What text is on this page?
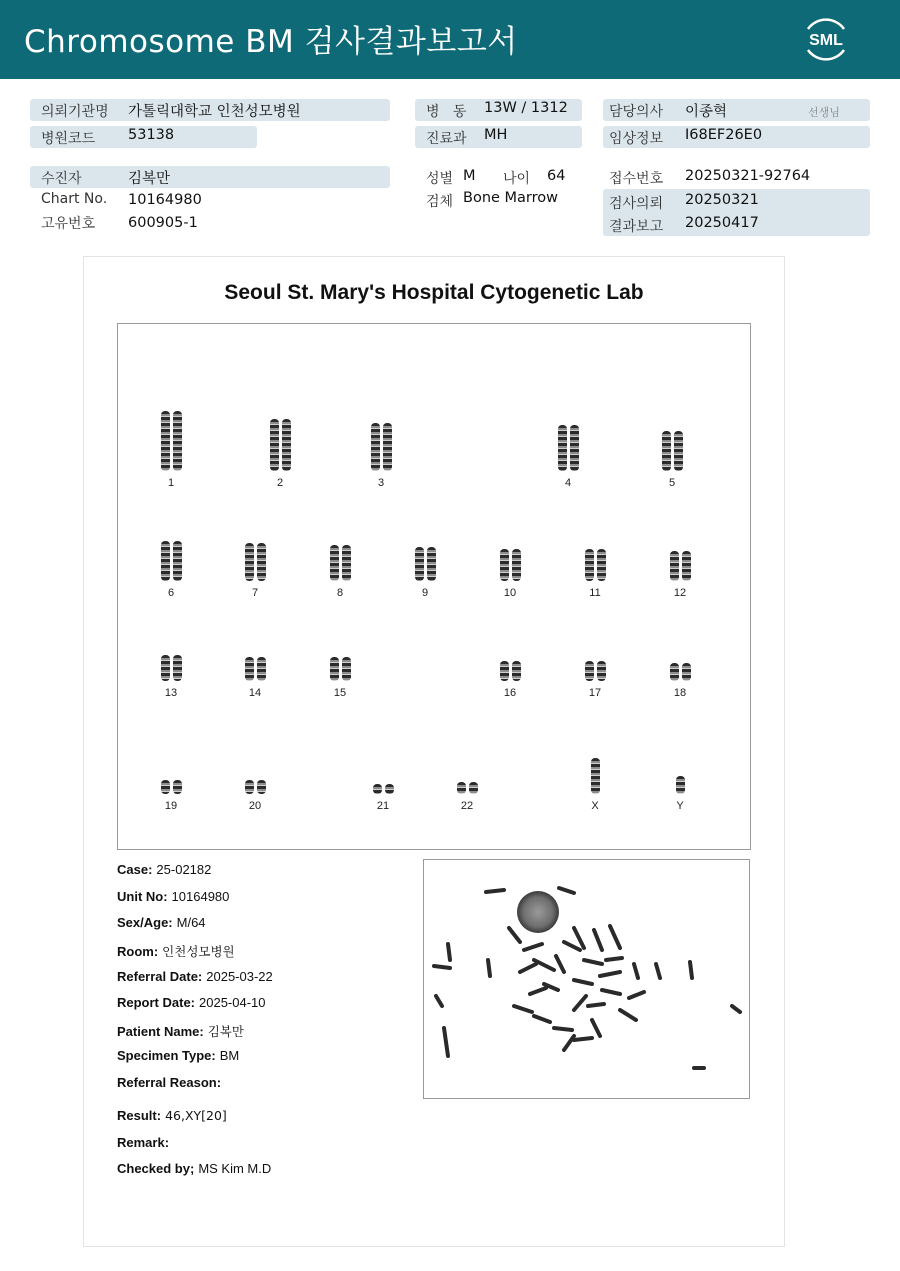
Chromosome BM 검사결과보고서	SML
의뢰기관명 가톨릭대학교 인천성모병원
병원코드 53138
병   동 13W / 1312
진료과 MH
담당의사 이종혁	선생님
임상정보 I68EF26E0
수진자	김복만
Chart No. 10164980
고유번호 600905-1
성별 M 나이 64
검체 Bone Marrow
접수번호 20250321-92764
검사의뢰 20250321
결과보고 20250417
Seoul St. Mary's Hospital Cytogenetic Lab
1	2	3	4	5
6	7	8	9	10	11	12
13	14	15	16	17	18
19	20	21	22	X	Y
Case: 25-02182
Unit No: 10164980
Sex/Age: M/64
Room: 인천성모병원
Referral Date: 2025-03-22
Report Date: 2025-04-10
Patient Name: 김복만
Specimen Type: BM
Referral Reason:
Result: 46,XY[20]
Remark:
Checked by; MS Kim M.D
